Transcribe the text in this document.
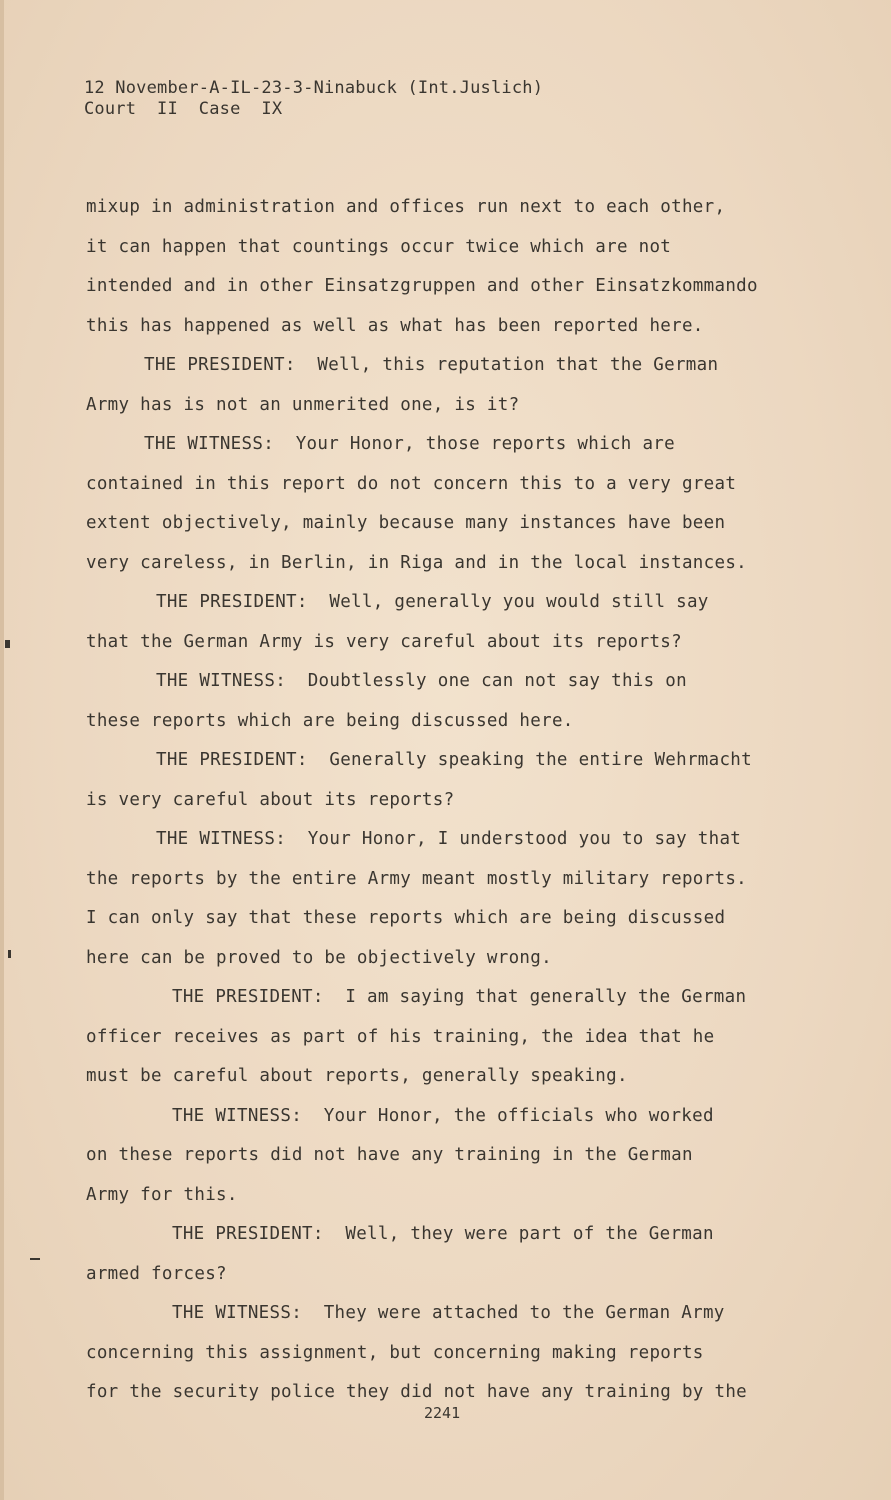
12 November-A-IL-23-3-Ninabuck (Int.Juslich)
Court  II  Case  IX
mixup in administration and offices run next to each other,
it can happen that countings occur twice which are not
intended and in other Einsatzgruppen and other Einsatzkommando
this has happened as well as what has been reported here.
THE PRESIDENT:  Well, this reputation that the German
Army has is not an unmerited one, is it?
THE WITNESS:  Your Honor, those reports which are
contained in this report do not concern this to a very great
extent objectively, mainly because many instances have been
very careless, in Berlin, in Riga and in the local instances.
THE PRESIDENT:  Well, generally you would still say
that the German Army is very careful about its reports?
THE WITNESS:  Doubtlessly one can not say this on
these reports which are being discussed here.
THE PRESIDENT:  Generally speaking the entire Wehrmacht
is very careful about its reports?
THE WITNESS:  Your Honor, I understood you to say that
the reports by the entire Army meant mostly military reports.
I can only say that these reports which are being discussed
here can be proved to be objectively wrong.
THE PRESIDENT:  I am saying that generally the German
officer receives as part of his training, the idea that he
must be careful about reports, generally speaking.
THE WITNESS:  Your Honor, the officials who worked
on these reports did not have any training in the German
Army for this.
THE PRESIDENT:  Well, they were part of the German
armed forces?
THE WITNESS:  They were attached to the German Army
concerning this assignment, but concerning making reports
for the security police they did not have any training by the
2241
